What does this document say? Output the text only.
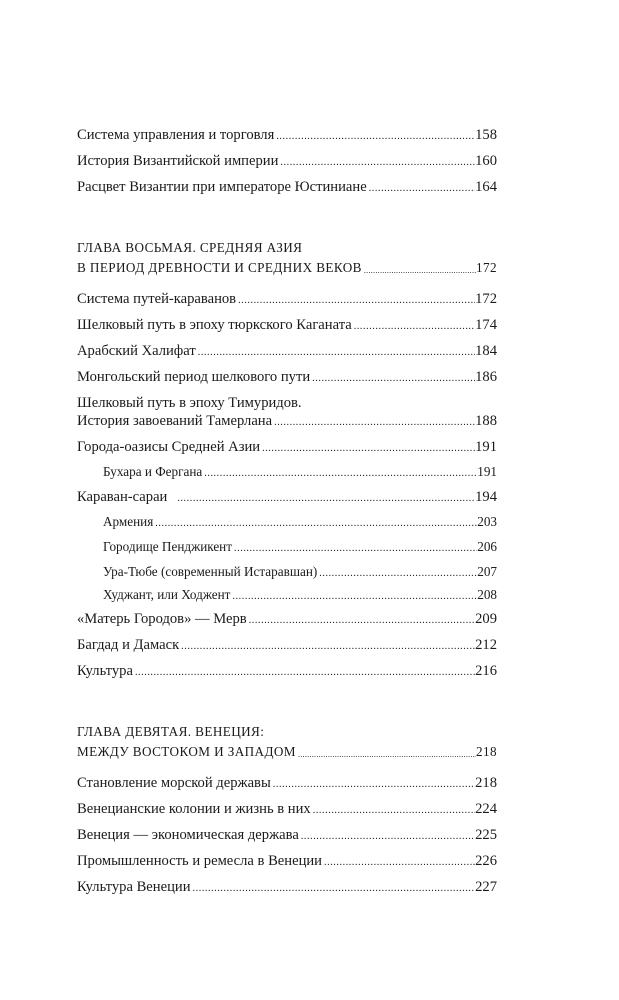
Система управления и торговля .....	158
История Византийской империи .....	160
Расцвет Византии при императоре Юстиниане .....	164
ГЛАВА ВОСЬМАЯ. СРЕДНЯЯ АЗИЯ
В ПЕРИОД ДРЕВНОСТИ И СРЕДНИХ ВЕКОВ .....	172
Система путей-караванов .....	172
Шелковый путь в эпоху тюркского Каганата .....	174
Арабский Халифат .....	184
Монгольский период шелкового пути .....	186
Шелковый путь в эпоху Тимуридов.
История завоеваний Тамерлана .....	188
Города-оазисы Средней Азии .....	191
Бухара и Фергана .....	191
Караван-сараи .....	194
Армения .....	203
Городище Пенджикент .....	206
Ура-Тюбе (современный Истаравшан) .....	207
Худжант, или Ходжент .....	208
«Матерь Городов» — Мерв .....	209
Багдад и Дамаск .....	212
Культура .....	216
ГЛАВА ДЕВЯТАЯ. ВЕНЕЦИЯ:
МЕЖДУ ВОСТОКОМ И ЗАПАДОМ .....	218
Становление морской державы .....	218
Венецианские колонии и жизнь в них .....	224
Венеция — экономическая держава .....	225
Промышленность и ремесла в Венеции .....	226
Культура Венеции .....	227
